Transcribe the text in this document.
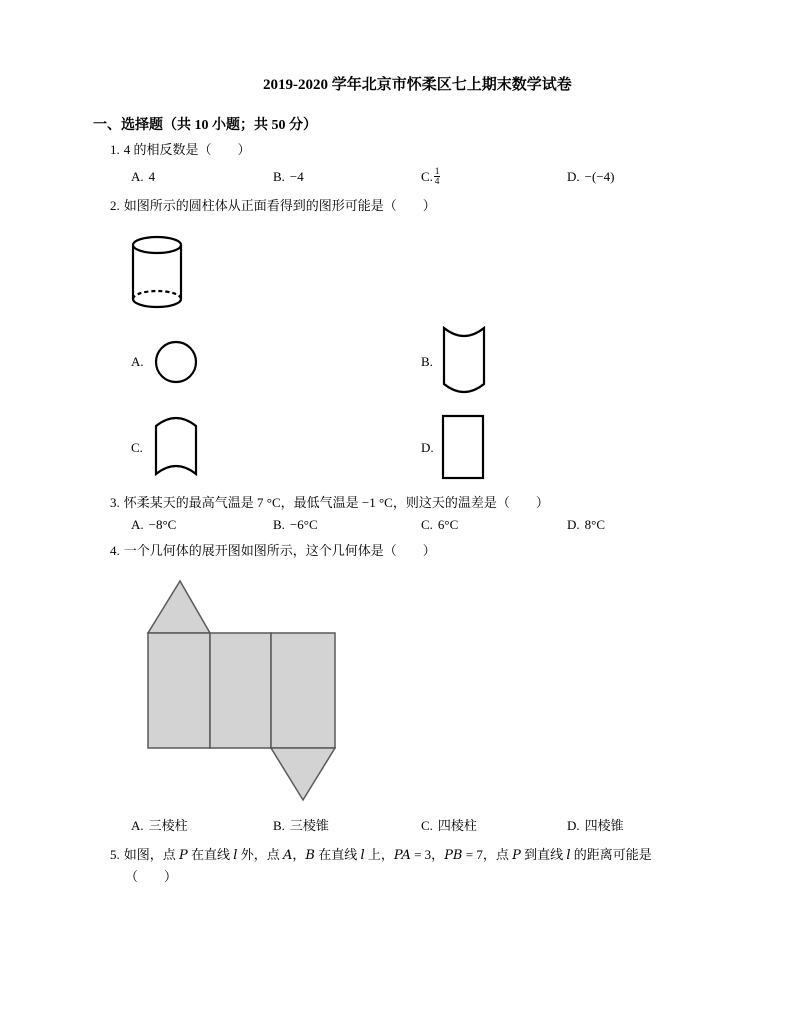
2019-2020 学年北京市怀柔区七上期末数学试卷
一、选择题（共 10 小题；共 50 分）
1. 4 的相反数是（　　）
A. 4	B. −4	C. $\frac{1}{4}$	D. −(−4)
2. 如图所示的圆柱体从正面看得到的图形可能是（　　）
A.	B.
C.	D.
3. 怀柔某天的最高气温是 7 °C，最低气温是 −1 °C，则这天的温差是（　　）
A. −8°C	B. −6°C	C. 6°C	D. 8°C
4. 一个几何体的展开图如图所示，这个几何体是（　　）
A. 三棱柱	B. 三棱锥	C. 四棱柱	D. 四棱锥
5. 如图，点 P 在直线 l 外，点 A，B 在直线 l 上，PA = 3，PB = 7，点 P 到直线 l 的距离可能是
（　　）
